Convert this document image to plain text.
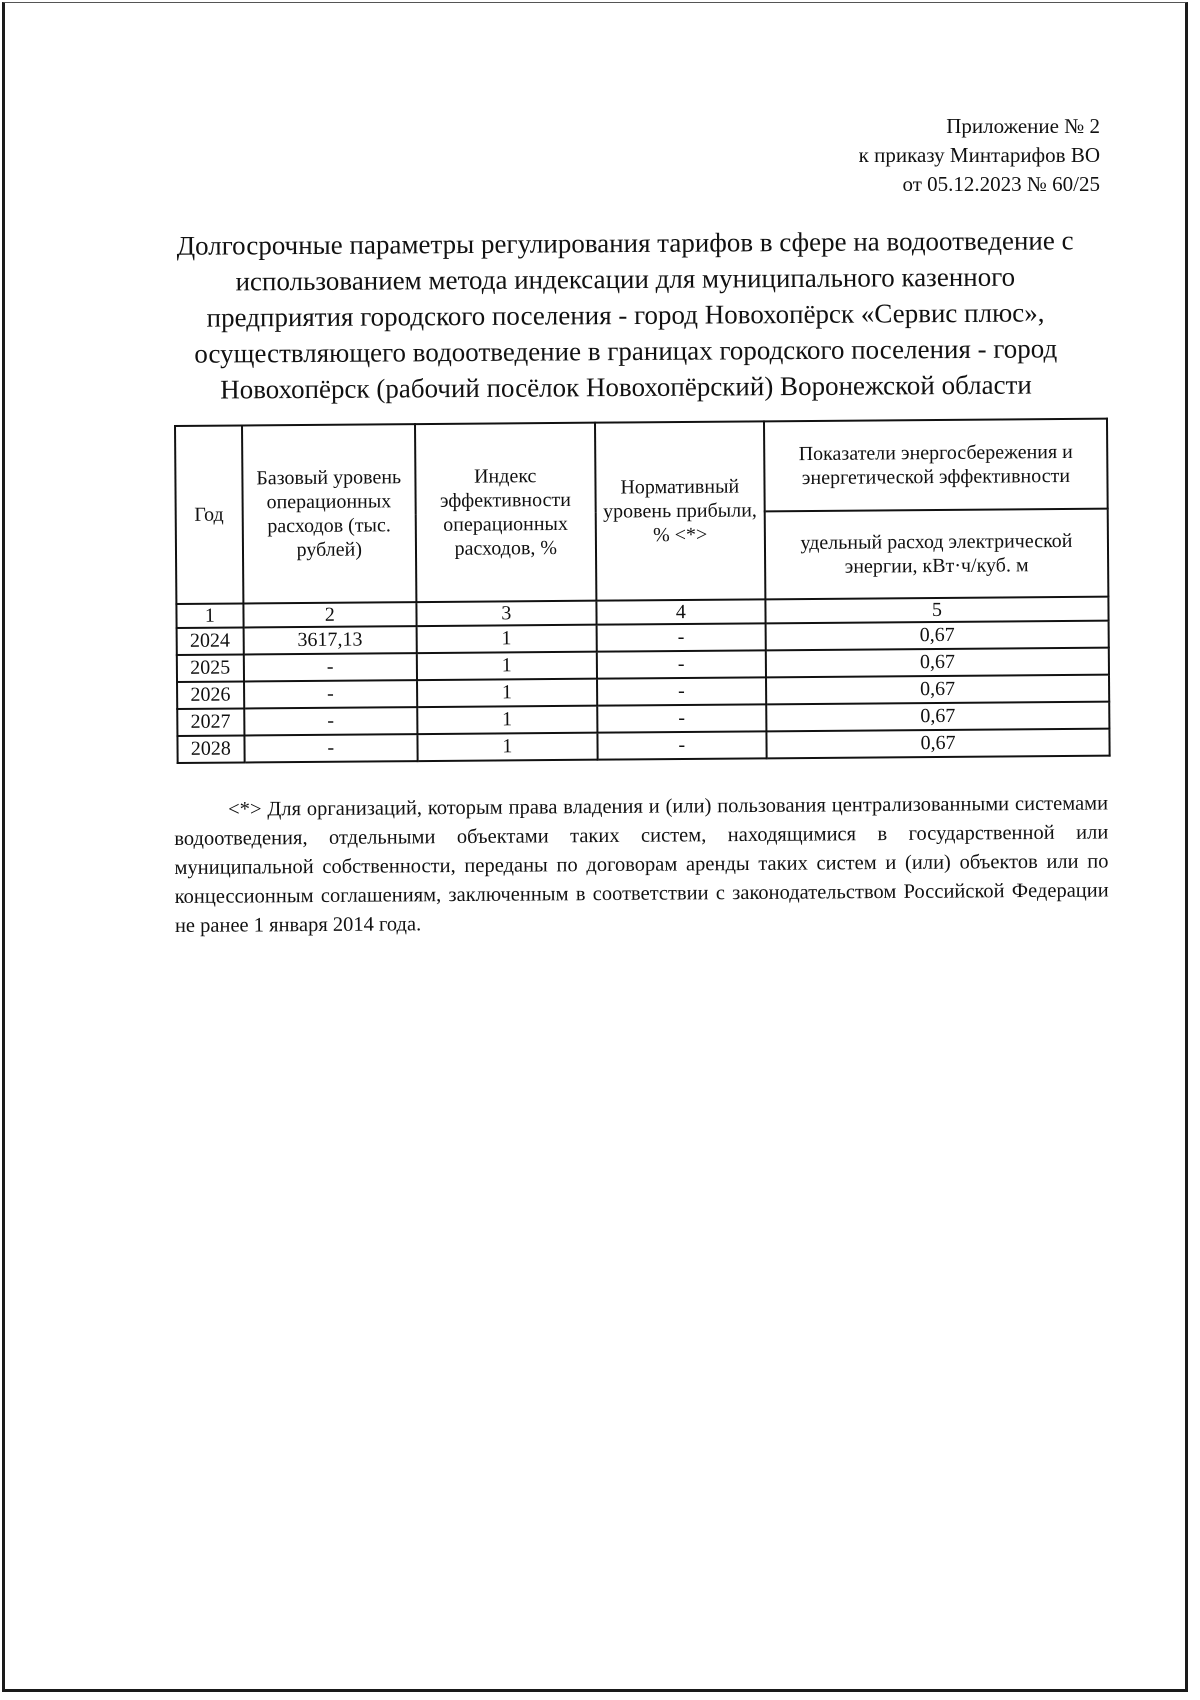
Приложение № 2
к приказу Минтарифов ВО
от 05.12.2023 № 60/25
Долгосрочные параметры регулирования тарифов в сфере на водоотведение с
использованием метода индексации для муниципального казенного
предприятия городского поселения - город Новохопёрск «Сервис плюс»,
осуществляющего водоотведение в границах городского поселения - город
Новохопёрск (рабочий посёлок Новохопёрский) Воронежской области
Год	Базовый уровень операционных расходов (тыс. рублей)	Индекс эффективности операционных расходов, %	Нормативный уровень прибыли, % <*>	Показатели энергосбережения и энергетической эффективности
				удельный расход электрической энергии, кВт·ч/куб. м
1	2	3	4	5
2024	3617,13	1	-	0,67
2025	-	1	-	0,67
2026	-	1	-	0,67
2027	-	1	-	0,67
2028	-	1	-	0,67
<*> Для организаций, которым права владения и (или) пользования централизованными системами водоотведения, отдельными объектами таких систем, находящимися в государственной или муниципальной собственности, переданы по договорам аренды таких систем и (или) объектов или по концессионным соглашениям, заключенным в соответствии с законодательством Российской Федерации не ранее 1 января 2014 года.
